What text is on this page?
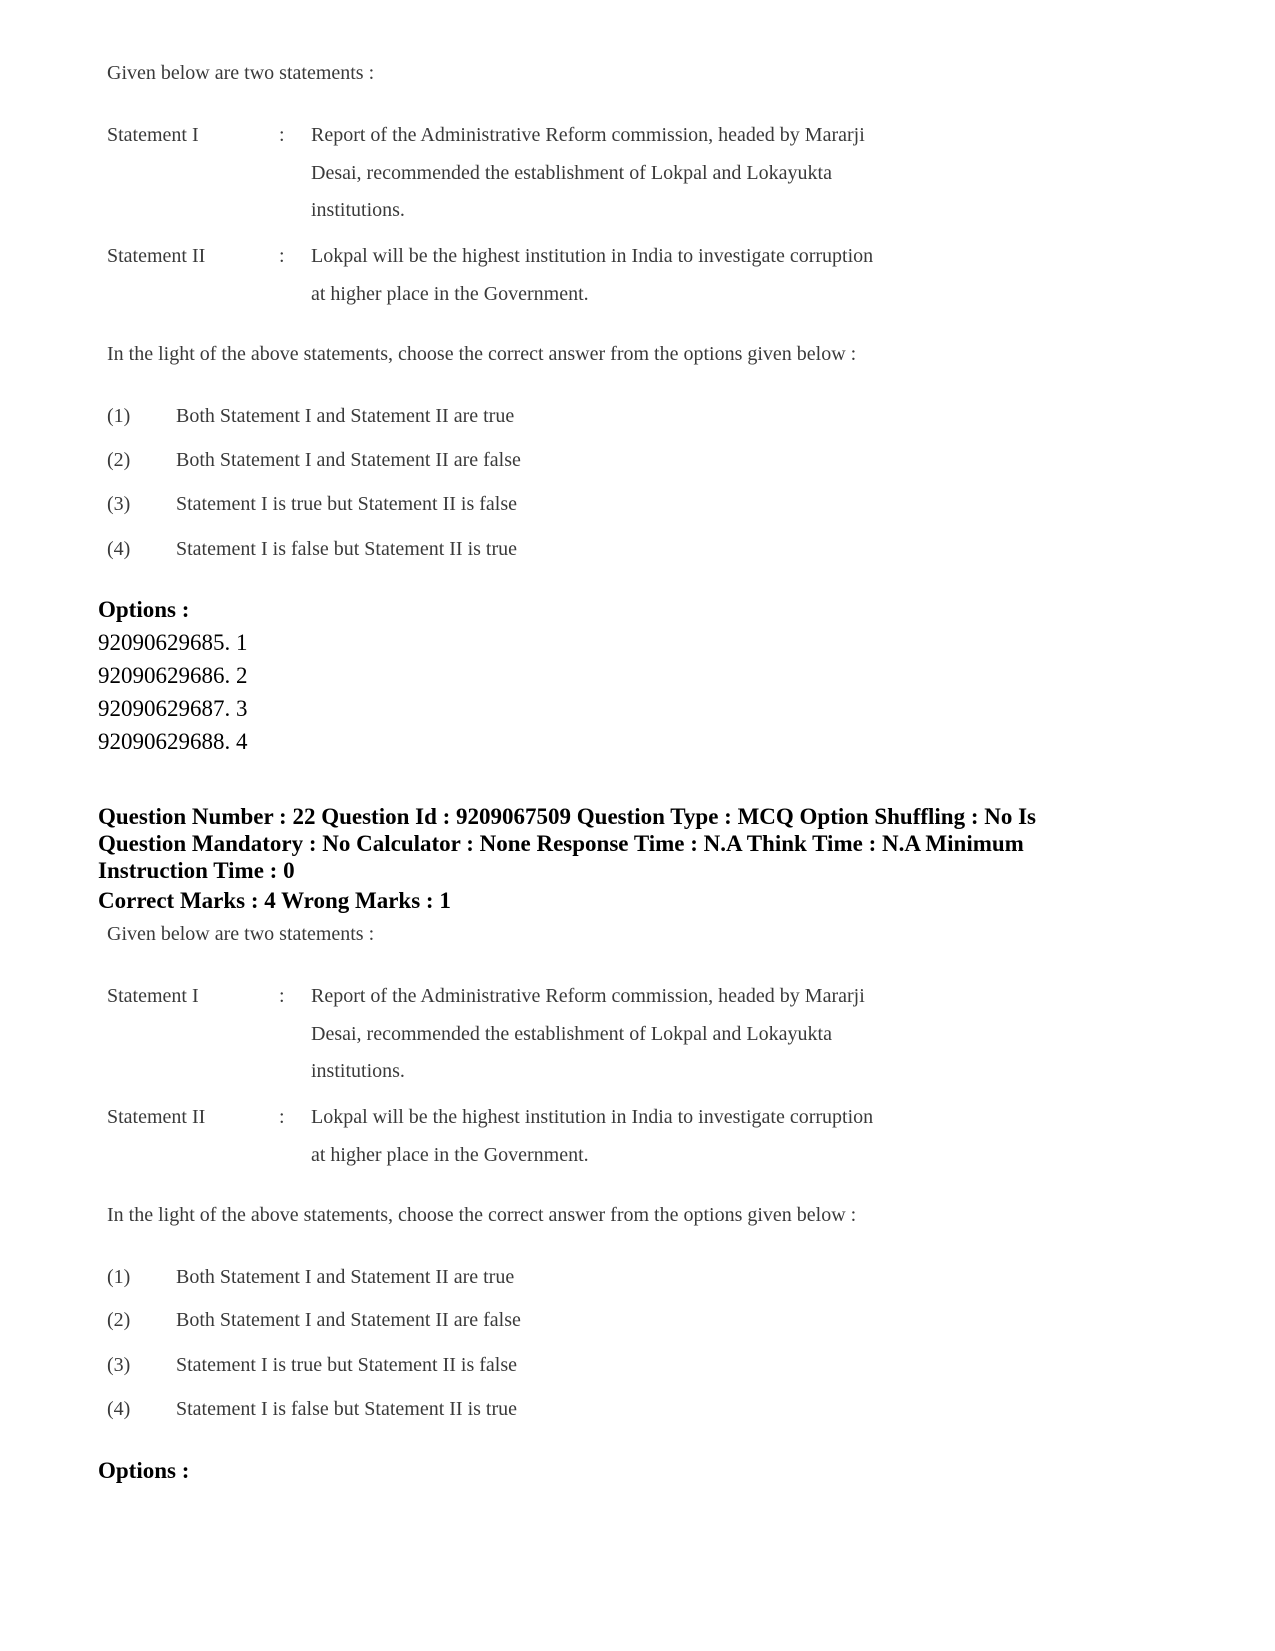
Given below are two statements :
Statement I	: Report of the Administrative Reform commission, headed by Mararji
Desai, recommended the establishment of Lokpal and Lokayukta
institutions.
Statement II	: Lokpal will be the highest institution in India to investigate corruption
at higher place in the Government.
In the light of the above statements, choose the correct answer from the options given below :
(1) Both Statement I and Statement II are true
(2) Both Statement I and Statement II are false
(3) Statement I is true but Statement II is false
(4) Statement I is false but Statement II is true
Options :
92090629685. 1
92090629686. 2
92090629687. 3
92090629688. 4
Question Number : 22 Question Id : 9209067509 Question Type : MCQ Option Shuffling : No Is
Question Mandatory : No Calculator : None Response Time : N.A Think Time : N.A Minimum
Instruction Time : 0
Correct Marks : 4 Wrong Marks : 1
Given below are two statements :
Statement I	: Report of the Administrative Reform commission, headed by Mararji
Desai, recommended the establishment of Lokpal and Lokayukta
institutions.
Statement II	: Lokpal will be the highest institution in India to investigate corruption
at higher place in the Government.
In the light of the above statements, choose the correct answer from the options given below :
(1) Both Statement I and Statement II are true
(2) Both Statement I and Statement II are false
(3) Statement I is true but Statement II is false
(4) Statement I is false but Statement II is true
Options :
